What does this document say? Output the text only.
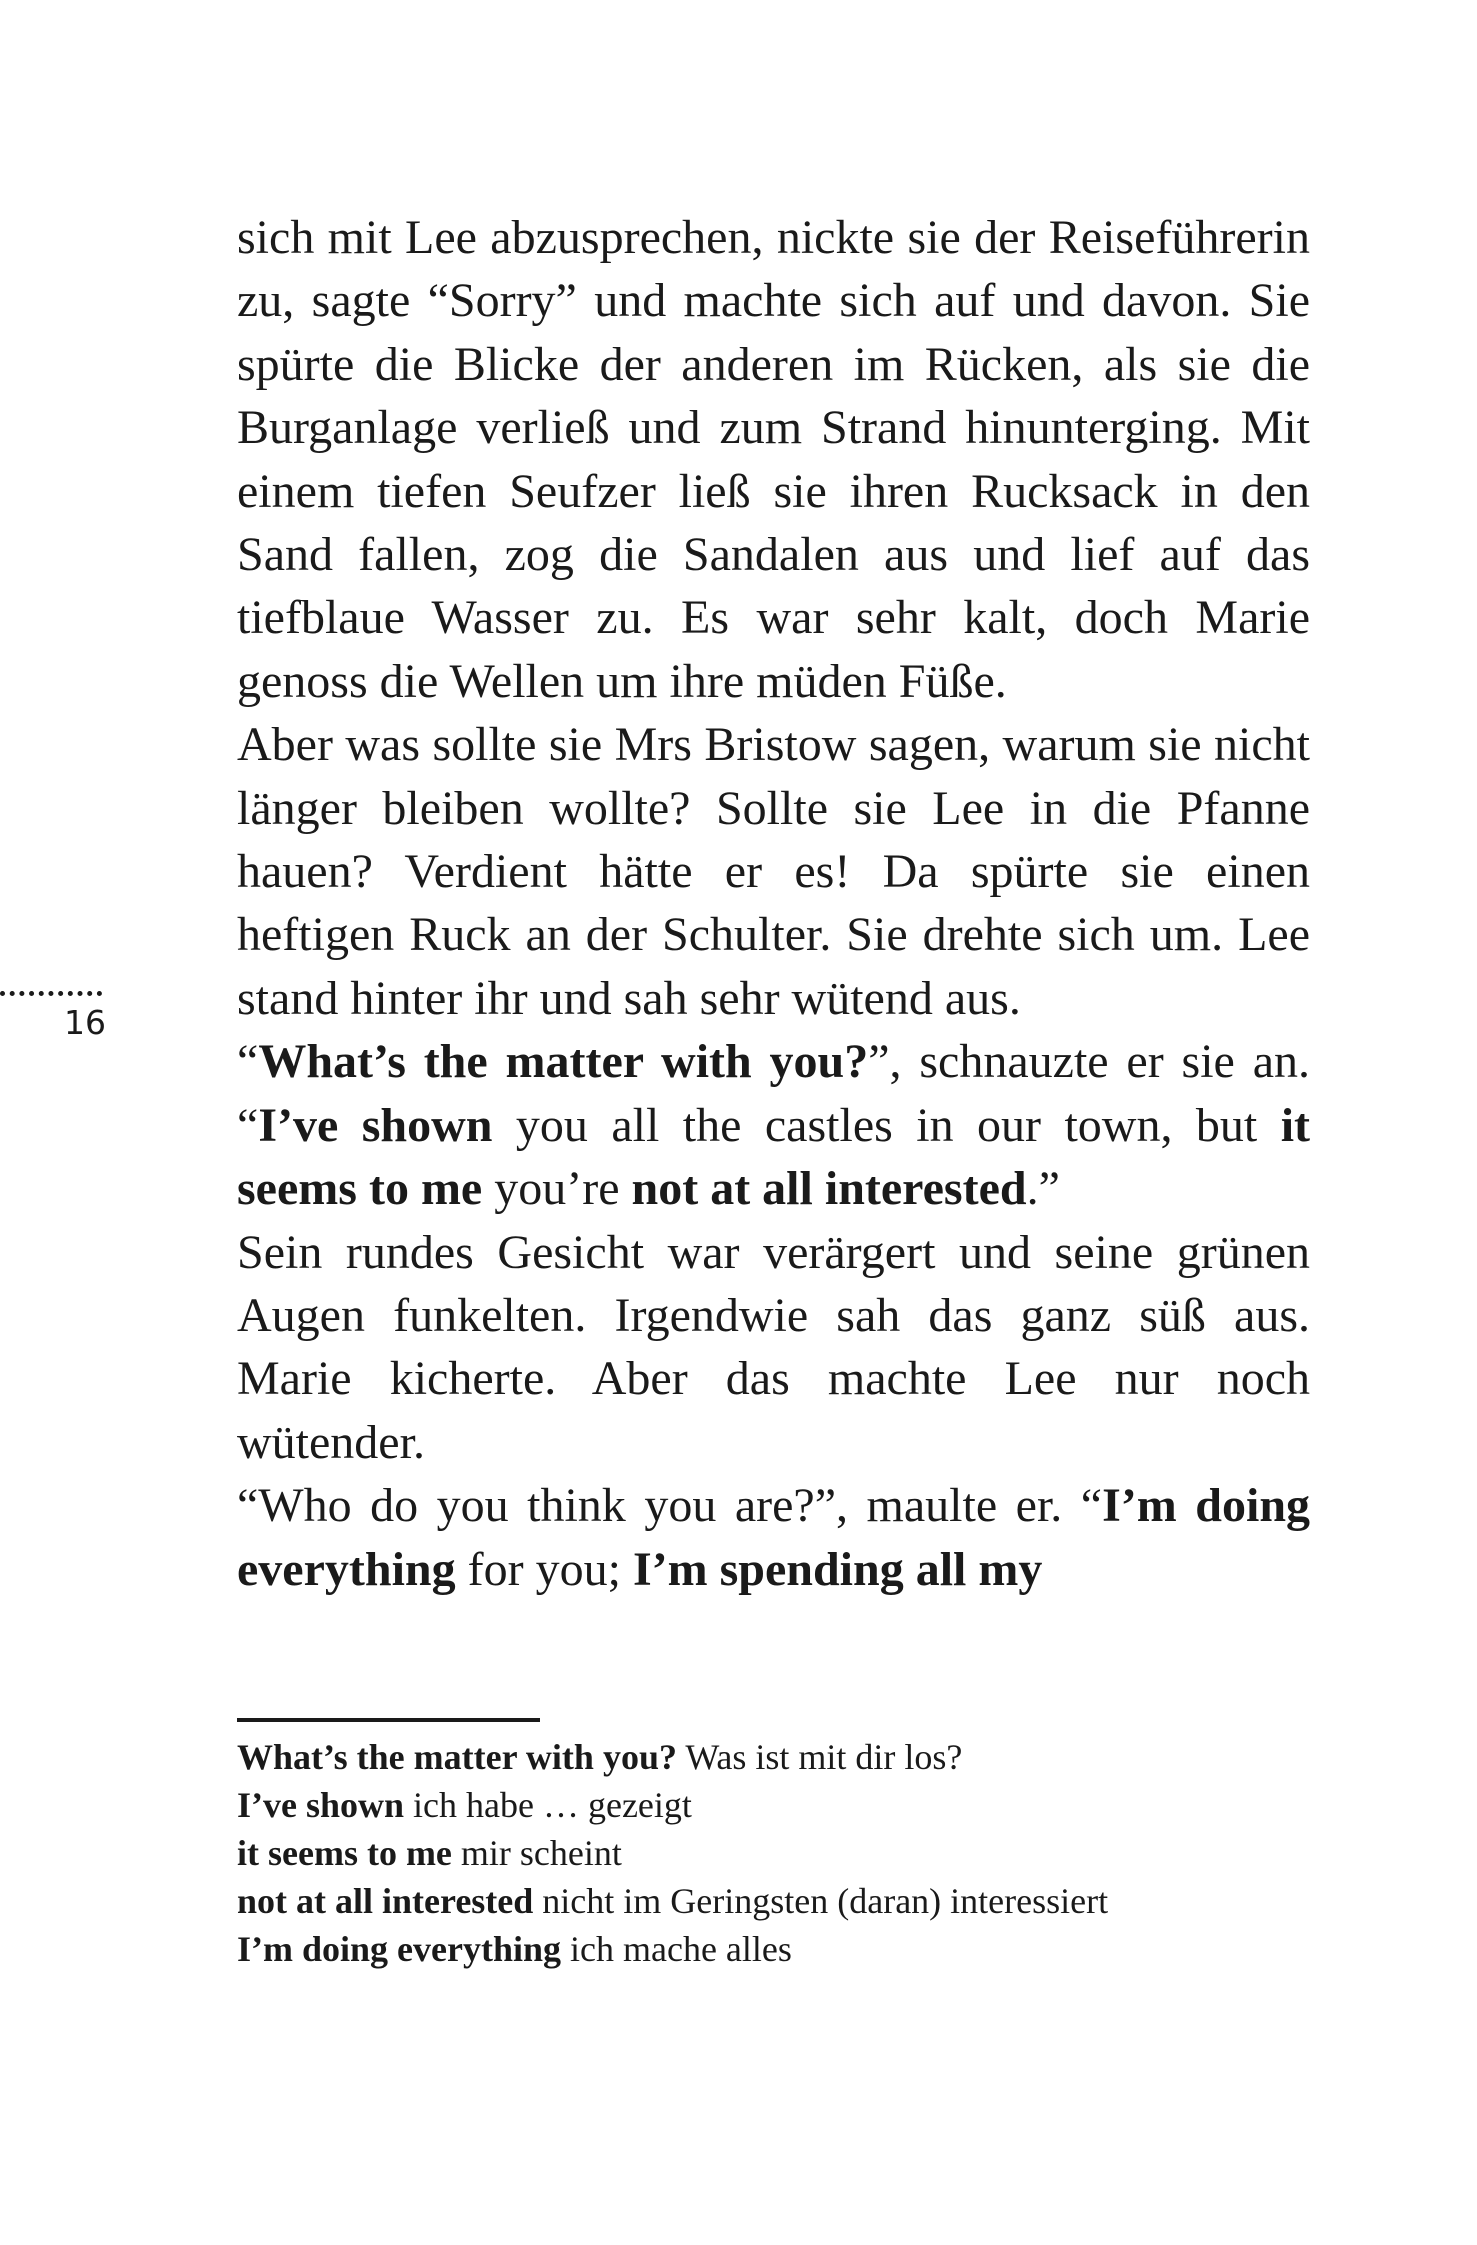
16

sich mit Lee abzusprechen, nickte sie der Reiseführerin zu, sagte “Sorry” und machte sich auf und davon. Sie spürte die Blicke der anderen im Rücken, als sie die Burganlage verließ und zum Strand hinunterging. Mit einem tiefen Seufzer ließ sie ihren Rucksack in den Sand fallen, zog die Sandalen aus und lief auf das tiefblaue Wasser zu. Es war sehr kalt, doch Marie genoss die Wellen um ihre müden Füße.

Aber was sollte sie Mrs Bristow sagen, warum sie nicht länger bleiben wollte? Sollte sie Lee in die Pfanne hauen? Verdient hätte er es! Da spürte sie einen heftigen Ruck an der Schulter. Sie drehte sich um. Lee stand hinter ihr und sah sehr wütend aus.

“What’s the matter with you?”, schnauzte er sie an. “I’ve shown you all the castles in our town, but it seems to me you’re not at all interested.”

Sein rundes Gesicht war verärgert und seine grünen Augen funkelten. Irgendwie sah das ganz süß aus. Marie kicherte. Aber das machte Lee nur noch wütender.

“Who do you think you are?”, maulte er. “I’m doing everything for you; I’m spending all my

What’s the matter with you? Was ist mit dir los?
I’ve shown ich habe … gezeigt
it seems to me mir scheint
not at all interested nicht im Geringsten (daran) interessiert
I’m doing everything ich mache alles
